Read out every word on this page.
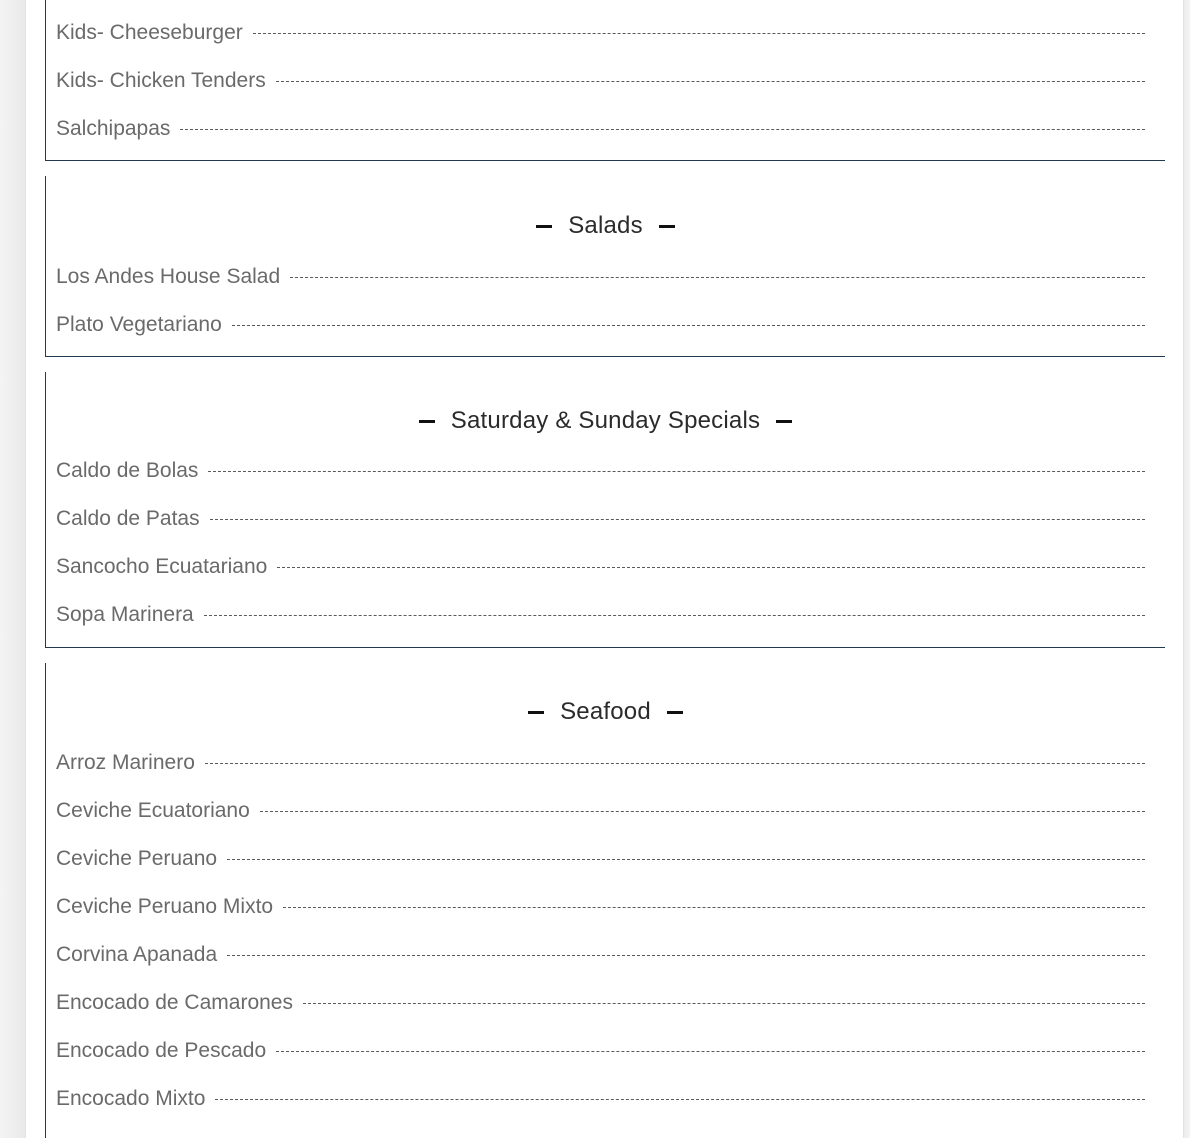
Kids- Cheeseburger
Kids- Chicken Tenders
Salchipapas
Salads
Los Andes House Salad
Plato Vegetariano
Saturday & Sunday Specials
Caldo de Bolas
Caldo de Patas
Sancocho Ecuatariano
Sopa Marinera
Seafood
Arroz Marinero
Ceviche Ecuatoriano
Ceviche Peruano
Ceviche Peruano Mixto
Corvina Apanada
Encocado de Camarones
Encocado de Pescado
Encocado Mixto
